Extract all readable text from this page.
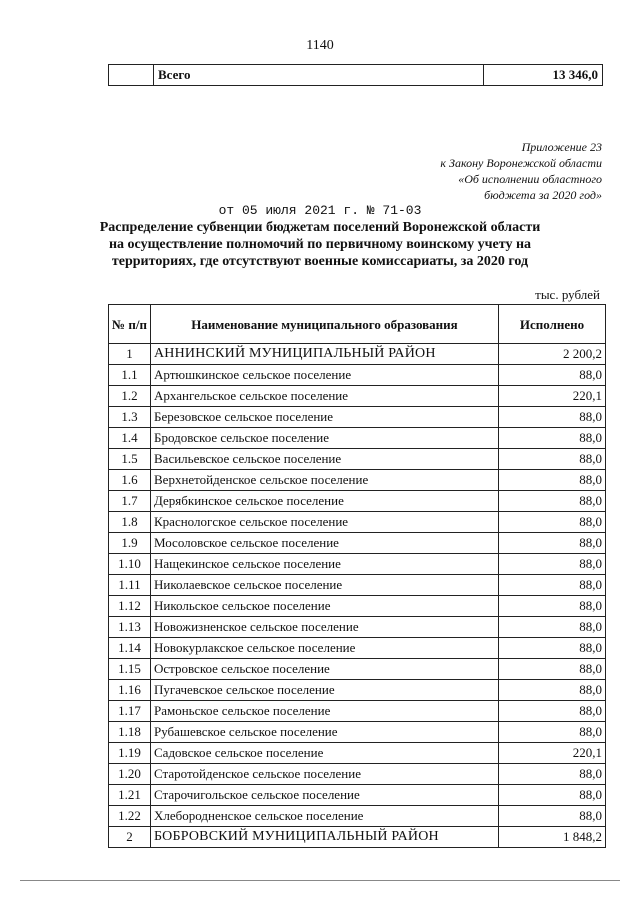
1140
	Всего	13 346,0
Приложение 23
к Закону Воронежской области
«Об исполнении областного
бюджета за 2020 год»
от 05 июля 2021 г. № 71-03
Распределение субвенции бюджетам поселений Воронежской области
на осуществление полномочий по первичному воинскому учету на
территориях, где отсутствуют военные комиссариаты, за 2020 год
тыс. рублей
№ п/п	Наименование муниципального образования	Исполнено
1	АННИНСКИЙ МУНИЦИПАЛЬНЫЙ РАЙОН	2 200,2
1.1	Артюшкинское сельское поселение	88,0
1.2	Архангельское сельское поселение	220,1
1.3	Березовское сельское поселение	88,0
1.4	Бродовское сельское поселение	88,0
1.5	Васильевское сельское поселение	88,0
1.6	Верхнетойденское сельское поселение	88,0
1.7	Дерябкинское сельское поселение	88,0
1.8	Краснологское сельское поселение	88,0
1.9	Мосоловское сельское поселение	88,0
1.10	Нащекинское сельское поселение	88,0
1.11	Николаевское сельское поселение	88,0
1.12	Никольское сельское поселение	88,0
1.13	Новожизненское сельское поселение	88,0
1.14	Новокурлакское сельское поселение	88,0
1.15	Островское сельское поселение	88,0
1.16	Пугачевское сельское поселение	88,0
1.17	Рамоньское сельское поселение	88,0
1.18	Рубашевское сельское поселение	88,0
1.19	Садовское сельское поселение	220,1
1.20	Старотойденское сельское поселение	88,0
1.21	Старочигольское сельское поселение	88,0
1.22	Хлебородненское сельское поселение	88,0
2	БОБРОВСКИЙ МУНИЦИПАЛЬНЫЙ РАЙОН	1 848,2
